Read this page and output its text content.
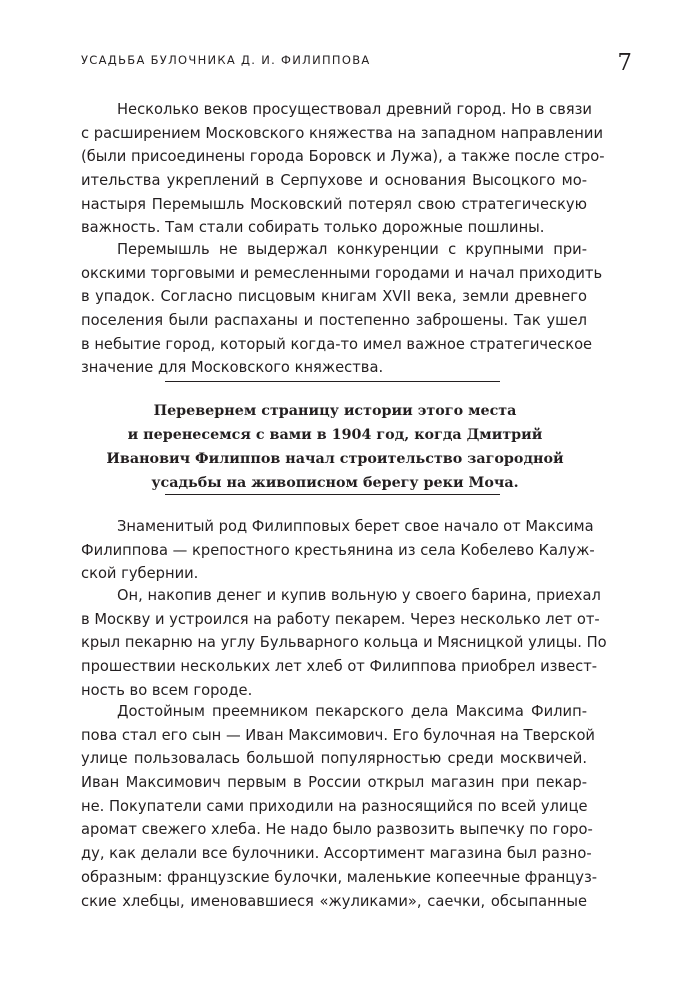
УСАДЬБА БУЛОЧНИКА Д. И. ФИЛИППОВА	7
Несколько веков просуществовал древний город. Но в связи
с расширением Московского княжества на западном направлении
(были присоединены города Боровск и Лужа), а также после стро-
ительства укреплений в Серпухове и основания Высоцкого мо-
настыря Перемышль Московский потерял свою стратегическую
важность. Там стали собирать только дорожные пошлины.
Перемышль не выдержал конкуренции с крупными при-
окскими торговыми и ремесленными городами и начал приходить
в упадок. Согласно писцовым книгам XVII века, земли древнего
поселения были распаханы и постепенно заброшены. Так ушел
в небытие город, который когда-то имел важное стратегическое
значение для Московского княжества.
Перевернем страницу истории этого места
и перенесемся с вами в 1904 год, когда Дмитрий
Иванович Филиппов начал строительство загородной
усадьбы на живописном берегу реки Моча.
Знаменитый род Филипповых берет свое начало от Максима
Филиппова — крепостного крестьянина из села Кобелево Калуж-
ской губернии.
Он, накопив денег и купив вольную у своего барина, приехал
в Москву и устроился на работу пекарем. Через несколько лет от-
крыл пекарню на углу Бульварного кольца и Мясницкой улицы. По
прошествии нескольких лет хлеб от Филиппова приобрел извест-
ность во всем городе.
Достойным преемником пекарского дела Максима Филип-
пова стал его сын — Иван Максимович. Его булочная на Тверской
улице пользовалась большой популярностью среди москвичей.
Иван Максимович первым в России открыл магазин при пекар-
не. Покупатели сами приходили на разносящийся по всей улице
аромат свежего хлеба. Не надо было развозить выпечку по горо-
ду, как делали все булочники. Ассортимент магазина был разно-
образным: французские булочки, маленькие копеечные француз-
ские хлебцы, именовавшиеся «жуликами», саечки, обсыпанные
